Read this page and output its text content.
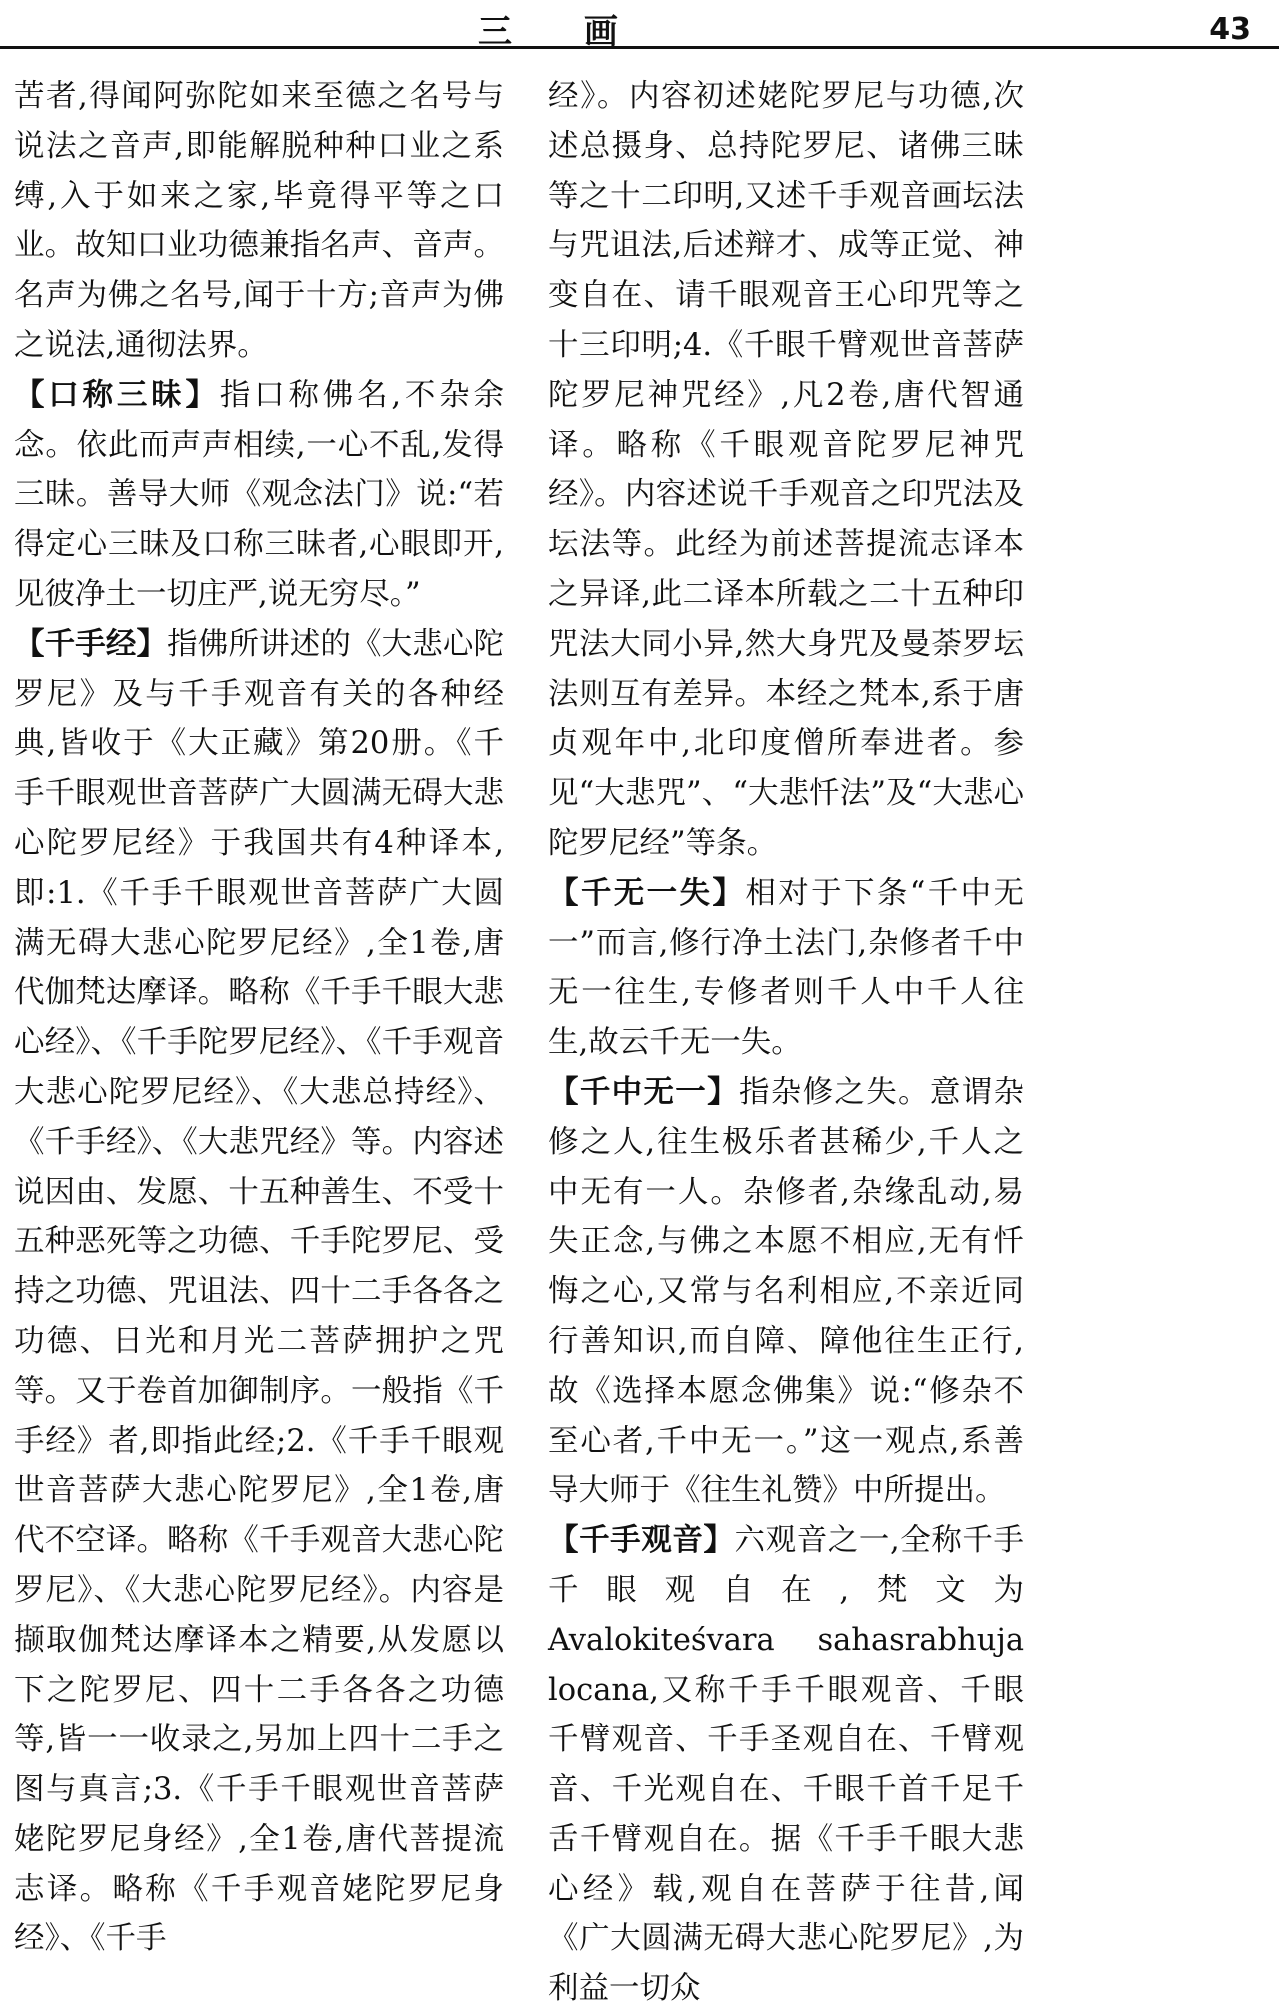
三 画	43

苦者,得闻阿弥陀如来至德之名号与说法之音声,即能解脱种种口业之系缚,入于如来之家,毕竟得平等之口业。故知口业功德兼指名声、音声。名声为佛之名号,闻于十方;音声为佛之说法,通彻法界。

【口称三昧】指口称佛名,不杂余念。依此而声声相续,一心不乱,发得三昧。善导大师《观念法门》说:“若得定心三昧及口称三昧者,心眼即开,见彼净土一切庄严,说无穷尽。”

【千手经】指佛所讲述的《大悲心陀罗尼》及与千手观音有关的各种经典,皆收于《大正藏》第20册。《千手千眼观世音菩萨广大圆满无碍大悲心陀罗尼经》于我国共有4种译本,即:1.《千手千眼观世音菩萨广大圆满无碍大悲心陀罗尼经》,全1卷,唐代伽梵达摩译。略称《千手千眼大悲心经》、《千手陀罗尼经》、《千手观音大悲心陀罗尼经》、《大悲总持经》、《千手经》、《大悲咒经》等。内容述说因由、发愿、十五种善生、不受十五种恶死等之功德、千手陀罗尼、受持之功德、咒诅法、四十二手各各之功德、日光和月光二菩萨拥护之咒等。又于卷首加御制序。一般指《千手经》者,即指此经;2.《千手千眼观世音菩萨大悲心陀罗尼》,全1卷,唐代不空译。略称《千手观音大悲心陀罗尼》、《大悲心陀罗尼经》。内容是撷取伽梵达摩译本之精要,从发愿以下之陀罗尼、四十二手各各之功德等,皆一一收录之,另加上四十二手之图与真言;3.《千手千眼观世音菩萨姥陀罗尼身经》,全1卷,唐代菩提流志译。略称《千手观音姥陀罗尼身经》、《千手

经》。内容初述姥陀罗尼与功德,次述总摄身、总持陀罗尼、诸佛三昧等之十二印明,又述千手观音画坛法与咒诅法,后述辩才、成等正觉、神变自在、请千眼观音王心印咒等之十三印明;4.《千眼千臂观世音菩萨陀罗尼神咒经》,凡2卷,唐代智通译。略称《千眼观音陀罗尼神咒经》。内容述说千手观音之印咒法及坛法等。此经为前述菩提流志译本之异译,此二译本所载之二十五种印咒法大同小异,然大身咒及曼荼罗坛法则互有差异。本经之梵本,系于唐贞观年中,北印度僧所奉进者。参见“大悲咒”、“大悲忏法”及“大悲心陀罗尼经”等条。

【千无一失】相对于下条“千中无一”而言,修行净土法门,杂修者千中无一往生,专修者则千人中千人往生,故云千无一失。

【千中无一】指杂修之失。意谓杂修之人,往生极乐者甚稀少,千人之中无有一人。杂修者,杂缘乱动,易失正念,与佛之本愿不相应,无有忏悔之心,又常与名利相应,不亲近同行善知识,而自障、障他往生正行,故《选择本愿念佛集》说:“修杂不至心者,千中无一。”这一观点,系善导大师于《往生礼赞》中所提出。

【千手观音】六观音之一,全称千手千眼观自在,梵文为 Avalokiteśvara sahasrabhuja locana,又称千手千眼观音、千眼千臂观音、千手圣观自在、千臂观音、千光观自在、千眼千首千足千舌千臂观自在。据《千手千眼大悲心经》载,观自在菩萨于往昔,闻《广大圆满无碍大悲心陀罗尼》,为利益一切众
